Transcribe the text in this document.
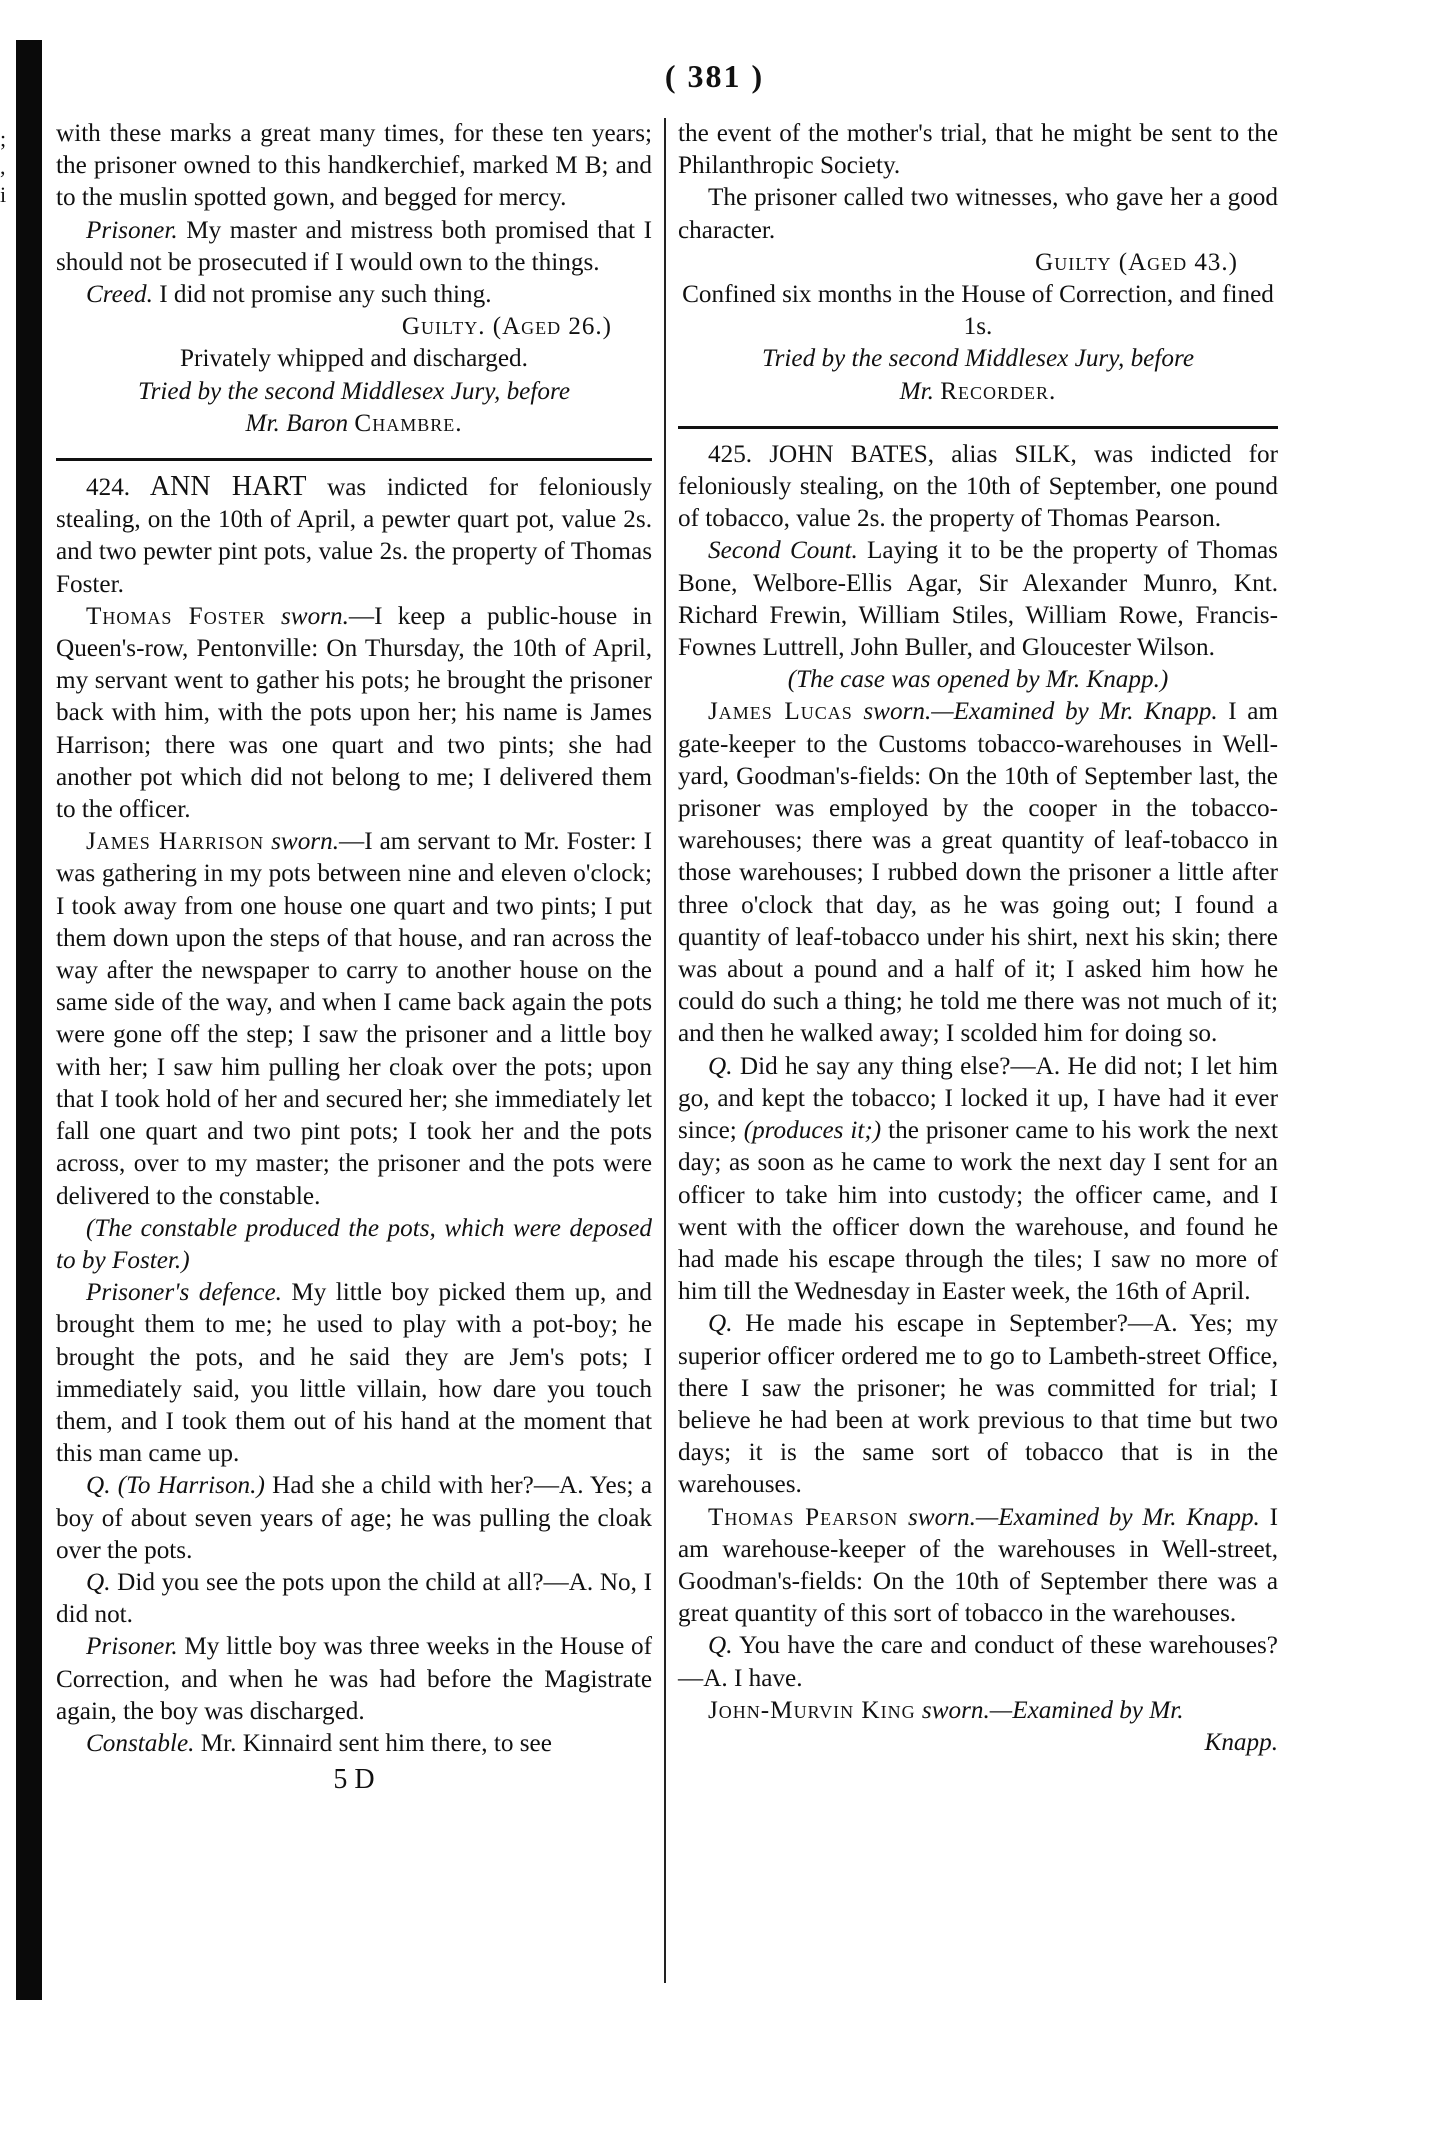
;
,
i
( 381 )

with these marks a great many times, for these ten years; the prisoner owned to this handkerchief, marked M B; and to the muslin spotted gown, and begged for mercy.

Prisoner. My master and mistress both promised that I should not be prosecuted if I would own to the things.

Creed. I did not promise any such thing.

Guilty. (Aged 26.)

Privately whipped and discharged.

Tried by the second Middlesex Jury, before

Mr. Baron Chambre.

424. ANN HART was indicted for feloniously stealing, on the 10th of April, a pewter quart pot, value 2s. and two pewter pint pots, value 2s. the property of Thomas Foster.

Thomas Foster sworn.—I keep a public-house in Queen's-row, Pentonville: On Thursday, the 10th of April, my servant went to gather his pots; he brought the prisoner back with him, with the pots upon her; his name is James Harrison; there was one quart and two pints; she had another pot which did not belong to me; I delivered them to the officer.

James Harrison sworn.—I am servant to Mr. Foster: I was gathering in my pots between nine and eleven o'clock; I took away from one house one quart and two pints; I put them down upon the steps of that house, and ran across the way after the newspaper to carry to another house on the same side of the way, and when I came back again the pots were gone off the step; I saw the prisoner and a little boy with her; I saw him pulling her cloak over the pots; upon that I took hold of her and secured her; she immediately let fall one quart and two pint pots; I took her and the pots across, over to my master; the prisoner and the pots were delivered to the constable.

(The constable produced the pots, which were deposed to by Foster.)

Prisoner's defence. My little boy picked them up, and brought them to me; he used to play with a pot-boy; he brought the pots, and he said they are Jem's pots; I immediately said, you little villain, how dare you touch them, and I took them out of his hand at the moment that this man came up.

Q. (To Harrison.) Had she a child with her?—A. Yes; a boy of about seven years of age; he was pulling the cloak over the pots.

Q. Did you see the pots upon the child at all?—A. No, I did not.

Prisoner. My little boy was three weeks in the House of Correction, and when he was had before the Magistrate again, the boy was discharged.

Constable. Mr. Kinnaird sent him there, to see

5 D

the event of the mother's trial, that he might be sent to the Philanthropic Society.

The prisoner called two witnesses, who gave her a good character.

Guilty (Aged 43.)

Confined six months in the House of Correction, and fined 1s.

Tried by the second Middlesex Jury, before

Mr. Recorder.

425. JOHN BATES, alias SILK, was indicted for feloniously stealing, on the 10th of September, one pound of tobacco, value 2s. the property of Thomas Pearson.

Second Count. Laying it to be the property of Thomas Bone, Welbore-Ellis Agar, Sir Alexander Munro, Knt. Richard Frewin, William Stiles, William Rowe, Francis-Fownes Luttrell, John Buller, and Gloucester Wilson.

(The case was opened by Mr. Knapp.)

James Lucas sworn.—Examined by Mr. Knapp. I am gate-keeper to the Customs tobacco-warehouses in Well-yard, Goodman's-fields: On the 10th of September last, the prisoner was employed by the cooper in the tobacco-warehouses; there was a great quantity of leaf-tobacco in those warehouses; I rubbed down the prisoner a little after three o'clock that day, as he was going out; I found a quantity of leaf-tobacco under his shirt, next his skin; there was about a pound and a half of it; I asked him how he could do such a thing; he told me there was not much of it; and then he walked away; I scolded him for doing so.

Q. Did he say any thing else?—A. He did not; I let him go, and kept the tobacco; I locked it up, I have had it ever since; (produces it;) the prisoner came to his work the next day; as soon as he came to work the next day I sent for an officer to take him into custody; the officer came, and I went with the officer down the warehouse, and found he had made his escape through the tiles; I saw no more of him till the Wednesday in Easter week, the 16th of April.

Q. He made his escape in September?—A. Yes; my superior officer ordered me to go to Lambeth-street Office, there I saw the prisoner; he was committed for trial; I believe he had been at work previous to that time but two days; it is the same sort of tobacco that is in the warehouses.

Thomas Pearson sworn.—Examined by Mr. Knapp. I am warehouse-keeper of the warehouses in Well-street, Goodman's-fields: On the 10th of September there was a great quantity of this sort of tobacco in the warehouses.

Q. You have the care and conduct of these warehouses?—A. I have.

John-Murvin King sworn.—Examined by Mr.

Knapp.
